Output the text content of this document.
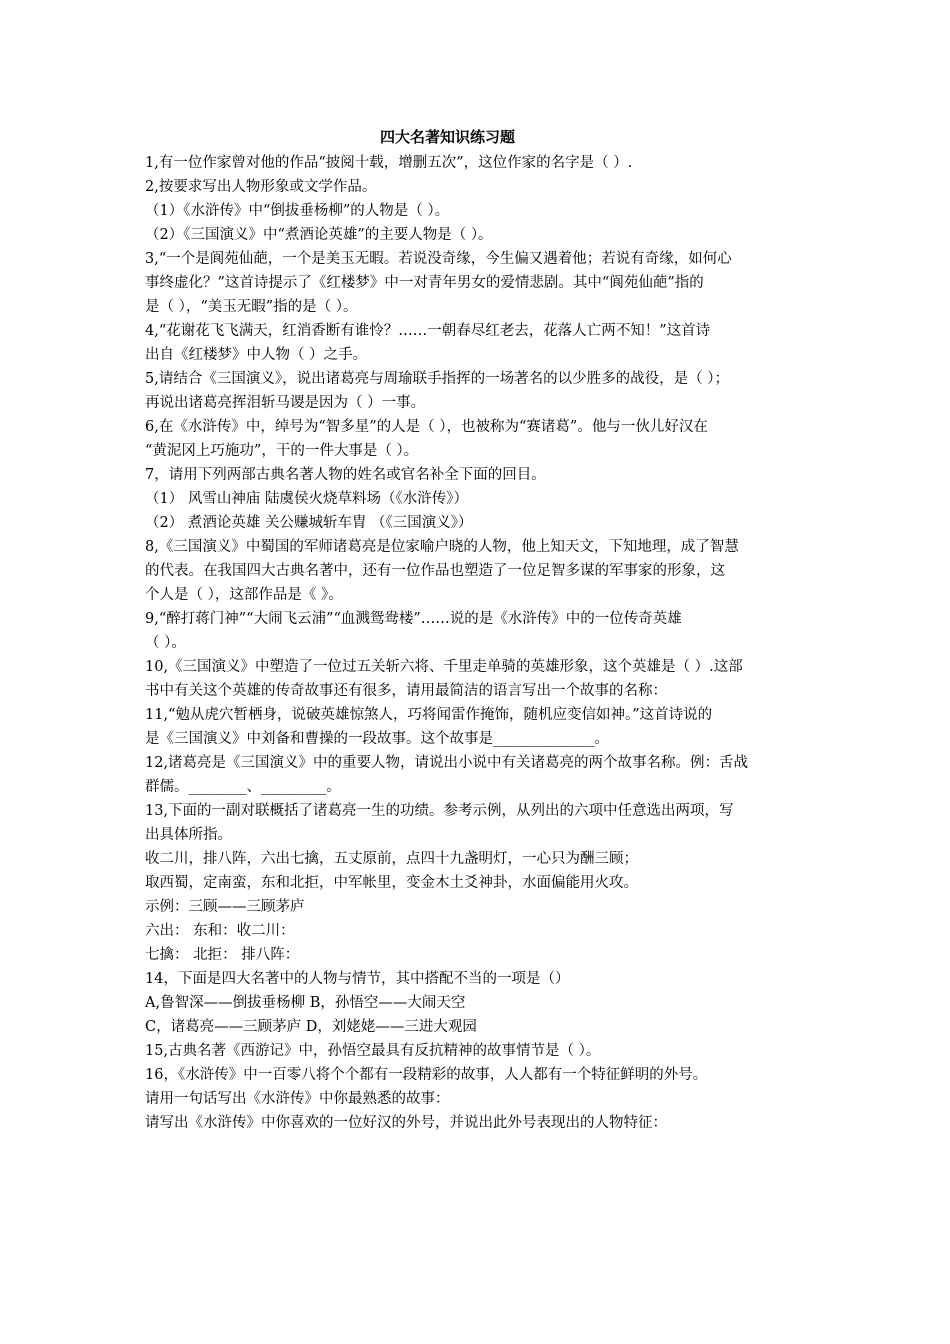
四大名著知识练习题
1,有一位作家曾对他的作品“披阅十载，增删五次”，这位作家的名字是（ ）.
2,按要求写出人物形象或文学作品。
（1）《水浒传》中“倒拔垂杨柳”的人物是（ ）。
（2）《三国演义》中“煮酒论英雄”的主要人物是（ ）。
3,“一个是阆苑仙葩，一个是美玉无暇。若说没奇缘，今生偏又遇着他；若说有奇缘，如何心
事终虚化？”这首诗提示了《红楼梦》中一对青年男女的爱情悲剧。其中“阆苑仙葩”指的
是（ ），“美玉无暇”指的是（ ）。
4,“花谢花飞飞满天，红消香断有谁怜？……一朝春尽红老去，花落人亡两不知！”这首诗
出自《红楼梦》中人物（ ）之手。
5,请结合《三国演义》，说出诸葛亮与周瑜联手指挥的一场著名的以少胜多的战役，是（ ）；
再说出诸葛亮挥泪斩马谡是因为（ ）一事。
6,在《水浒传》中，绰号为“智多星”的人是（ ），也被称为“赛诸葛”。他与一伙儿好汉在
“黄泥冈上巧施功”，干的一件大事是（ ）。
7，请用下列两部古典名著人物的姓名或官名补全下面的回目。
（1） 风雪山神庙 陆虞侯火烧草料场（《水浒传》）
（2） 煮酒论英雄 关公赚城斩车胄 （《三国演义》）
8,《三国演义》中蜀国的军师诸葛亮是位家喻户晓的人物，他上知天文，下知地理，成了智慧
的代表。在我国四大古典名著中，还有一位作品也塑造了一位足智多谋的军事家的形象，这
个人是（ ），这部作品是《 》。
9,“醉打蒋门神”“大闹飞云浦”“血溅鸳鸯楼”……说的是《水浒传》中的一位传奇英雄
（ ）。
10,《三国演义》中塑造了一位过五关斩六将、千里走单骑的英雄形象，这个英雄是（ ）.这部
书中有关这个英雄的传奇故事还有很多，请用最简洁的语言写出一个故事的名称：
11,“勉从虎穴暂栖身，说破英雄惊煞人，巧将闻雷作掩饰，随机应变信如神。”这首诗说的
是《三国演义》中刘备和曹操的一段故事。这个故事是______________。
12,诸葛亮是《三国演义》中的重要人物，请说出小说中有关诸葛亮的两个故事名称。例：舌战
群儒。________、_________。
13,下面的一副对联概括了诸葛亮一生的功绩。参考示例，从列出的六项中任意选出两项，写
出具体所指。
收二川，排八阵，六出七擒，五丈原前，点四十九盏明灯，一心只为酬三顾；
取西蜀，定南蛮，东和北拒，中军帐里，变金木土爻神卦，水面偏能用火攻。
示例：三顾——三顾茅庐
六出： 东和：收二川：
七擒： 北拒： 排八阵：
14，下面是四大名著中的人物与情节，其中搭配不当的一项是（）
A,鲁智深——倒拔垂杨柳 B，孙悟空——大闹天空
C，诸葛亮——三顾茅庐 D，刘姥姥——三进大观园
15,古典名著《西游记》中，孙悟空最具有反抗精神的故事情节是（ ）。
16，《水浒传》中一百零八将个个都有一段精彩的故事，人人都有一个特征鲜明的外号。
请用一句话写出《水浒传》中你最熟悉的故事：
请写出《水浒传》中你喜欢的一位好汉的外号，并说出此外号表现出的人物特征：
